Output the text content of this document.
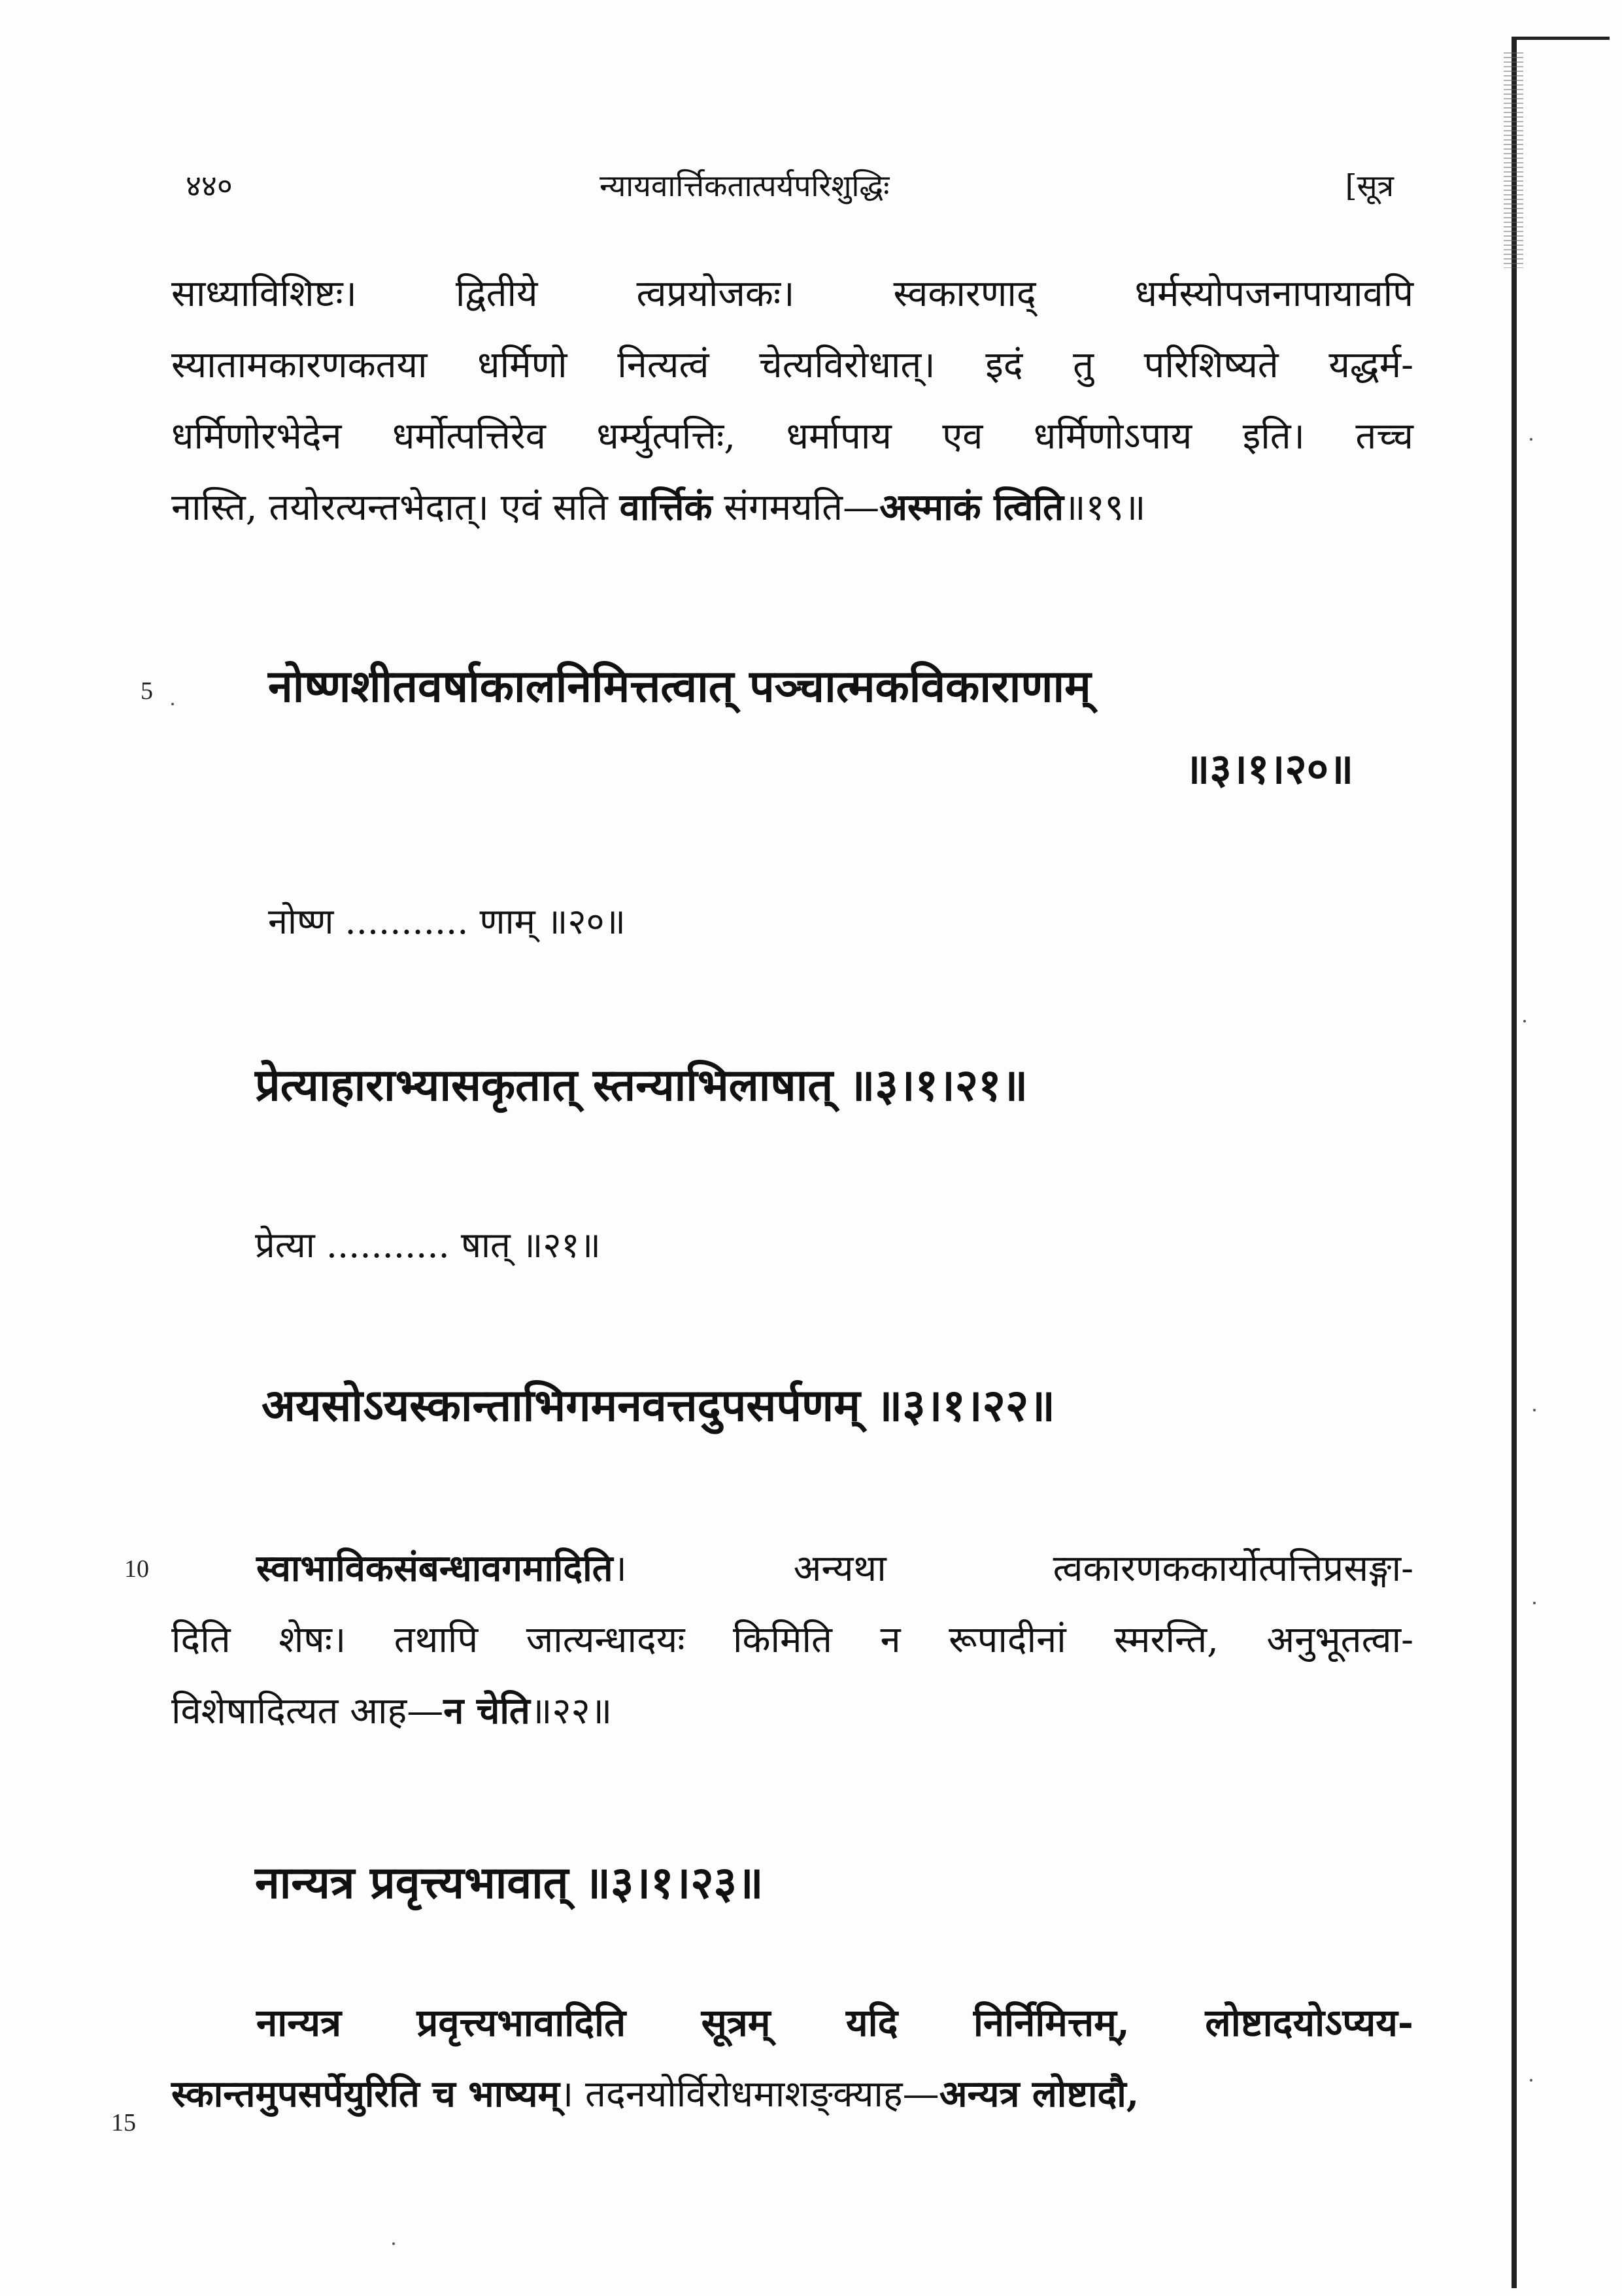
४४०	न्यायवार्त्तिकतात्पर्यपरिशुद्धिः	[सूत्र
साध्याविशिष्टः। द्वितीये त्वप्रयोजकः। स्वकारणाद् धर्मस्योपजनापायावपि
स्यातामकारणकतया धर्मिणो नित्यत्वं चेत्यविरोधात्। इदं तु परिशिष्यते यद्धर्म-
धर्मिणोरभेदेन धर्मोत्पत्तिरेव धर्म्युत्पत्तिः, धर्मापाय एव धर्मिणोऽपाय इति। तच्च
नास्ति, तयोरत्यन्तभेदात्। एवं सति वार्त्तिकं संगमयति—अस्माकं त्विति॥१९॥
5	नोष्णशीतवर्षाकालनिमित्तत्वात् पञ्चात्मकविकाराणाम्
॥३।१।२०॥
नोष्ण ........... णाम् ॥२०॥
प्रेत्याहाराभ्यासकृतात् स्तन्याभिलाषात् ॥३।१।२१॥
प्रेत्या ........... षात् ॥२१॥
अयसोऽयस्कान्ताभिगमनवत्तदुपसर्पणम् ॥३।१।२२॥
10	स्वाभाविकसंबन्धावगमादिति। अन्यथा त्वकारणककार्योत्पत्तिप्रसङ्गा-
दिति शेषः। तथापि जात्यन्धादयः किमिति न रूपादीनां स्मरन्ति, अनुभूतत्वा-
विशेषादित्यत आह—न चेति॥२२॥
नान्यत्र प्रवृत्त्यभावात् ॥३।१।२३॥
नान्यत्र प्रवृत्त्यभावादिति सूत्रम् यदि निर्निमित्तम्, लोष्टादयोऽप्यय-
स्कान्तमुपसर्पेयुरिति च भाष्यम्। तदनयोर्विरोधमाशङ्क्याह—अन्यत्र लोष्टादौ,
15
